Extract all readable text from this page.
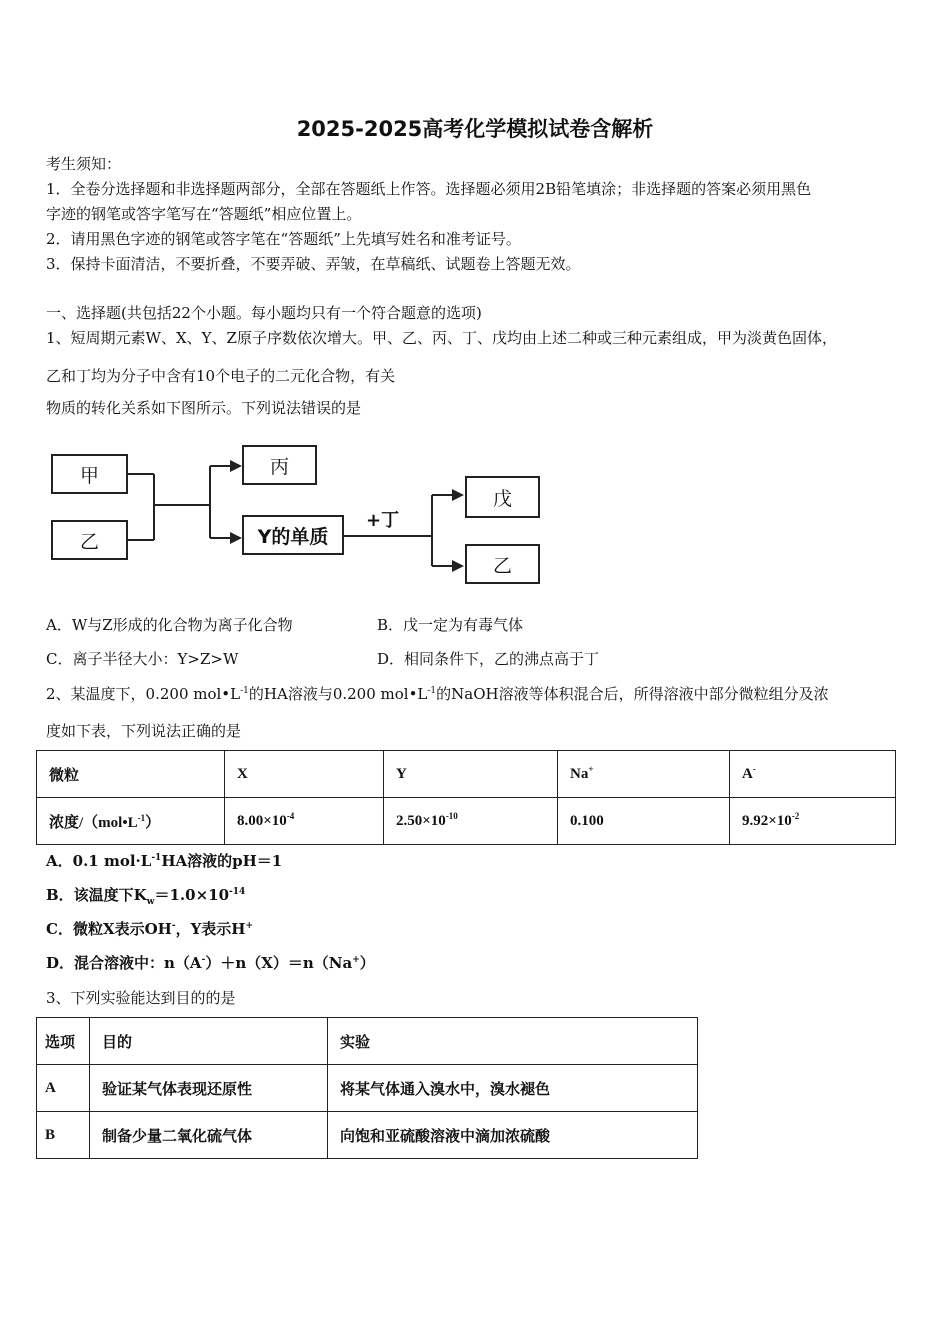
2025-2025高考化学模拟试卷含解析
考生须知：
1．全卷分选择题和非选择题两部分，全部在答题纸上作答。选择题必须用2B铅笔填涂；非选择题的答案必须用黑色
字迹的钢笔或答字笔写在“答题纸”相应位置上。
2．请用黑色字迹的钢笔或答字笔在“答题纸”上先填写姓名和准考证号。
3．保持卡面清洁，不要折叠，不要弄破、弄皱，在草稿纸、试题卷上答题无效。
一、选择题(共包括22个小题。每小题均只有一个符合题意的选项)
1、短周期元素W、X、Y、Z原子序数依次增大。甲、乙、丙、丁、戊均由上述二种或三种元素组成，甲为淡黄色固体，
乙和丁均为分子中含有10个电子的二元化合物，有关
物质的转化关系如下图所示。下列说法错误的是
甲
乙
丙
Y的单质
+丁
戊
乙
A．W与Z形成的化合物为离子化合物	B．戊一定为有毒气体
C．离子半径大小：Y>Z>W	D．相同条件下，乙的沸点高于丁
2、某温度下，0.200 $mol•L^{-1}$的HA溶液与0.200 $mol•L^{-1}$的NaOH溶液等体积混合后，所得溶液中部分微粒组分及浓
度如下表，下列说法正确的是
微粒	X	Y	Na+	A-
浓度$/(mol•L^{-1})$	$8.00\times 10^{-4}$	$2.50\times 10^{-10}$	0.100	$9.92\times 10^{-2}$
A．0.1 $mol\cdot L^{-1}HA$溶液的pH＝1
B．该温度下$K_w=1.0\times 10^{-14}$
C．微粒X表示OH-，Y表示H+
D．混合溶液中：n（A-）＋n（X）＝n（Na+）
3、下列实验能达到目的的是
选项	目的	实验
A	验证某气体表现还原性	将某气体通入溴水中，溴水褪色
B	制备少量二氧化硫气体	向饱和亚硫酸溶液中滴加浓硫酸
